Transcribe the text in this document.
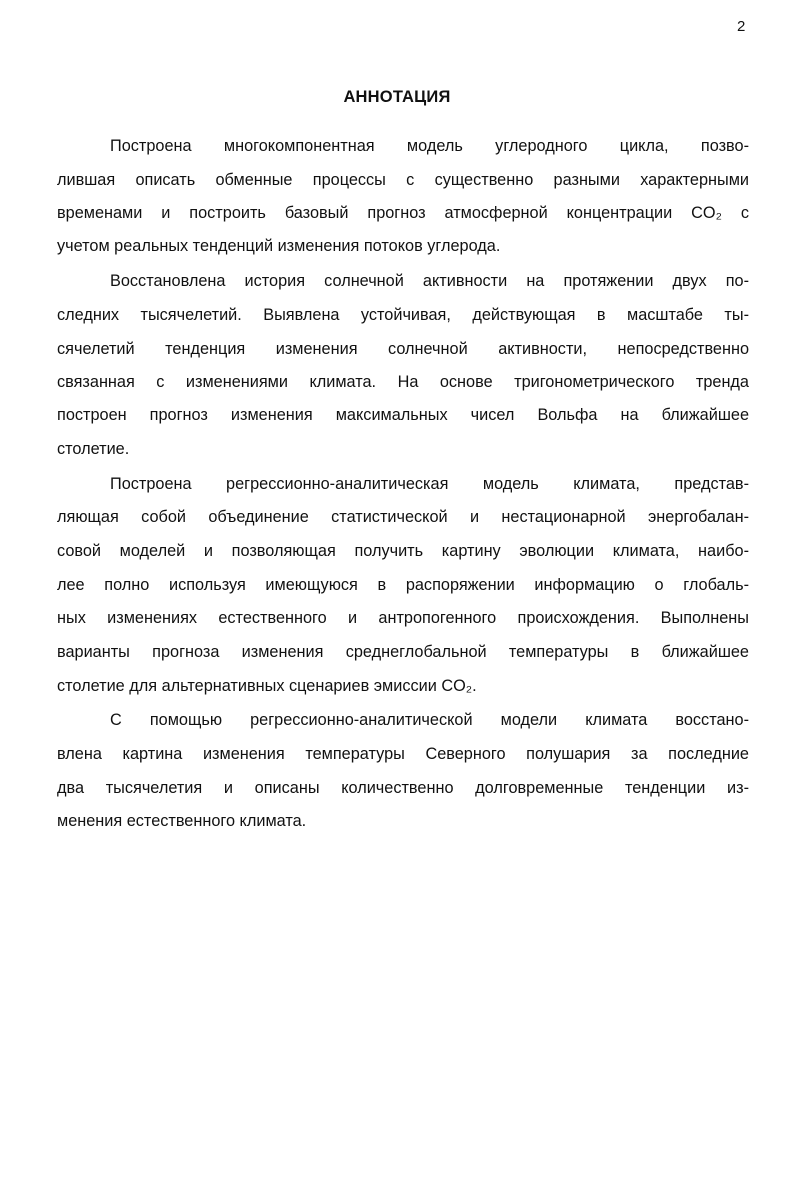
2
АННОТАЦИЯ
Построена многокомпонентная модель углеродного цикла, позво-
лившая описать обменные процессы с существенно разными характерными
временами и построить базовый прогноз атмосферной концентрации CO₂ с
учетом реальных тенденций изменения потоков углерода.
Восстановлена история солнечной активности на протяжении двух по-
следних тысячелетий. Выявлена устойчивая, действующая в масштабе ты-
сячелетий тенденция изменения солнечной активности, непосредственно
связанная с изменениями климата. На основе тригонометрического тренда
построен прогноз изменения максимальных чисел Вольфа на ближайшее
столетие.
Построена регрессионно-аналитическая модель климата, представ-
ляющая собой объединение статистической и нестационарной энергобалан-
совой моделей и позволяющая получить картину эволюции климата, наибо-
лее полно используя имеющуюся в распоряжении информацию о глобаль-
ных изменениях естественного и антропогенного происхождения. Выполнены
варианты прогноза изменения среднеглобальной температуры в ближайшее
столетие для альтернативных сценариев эмиссии CO₂.
С помощью регрессионно-аналитической модели климата восстано-
влена картина изменения температуры Северного полушария за последние
два тысячелетия и описаны количественно долговременные тенденции из-
менения естественного климата.
